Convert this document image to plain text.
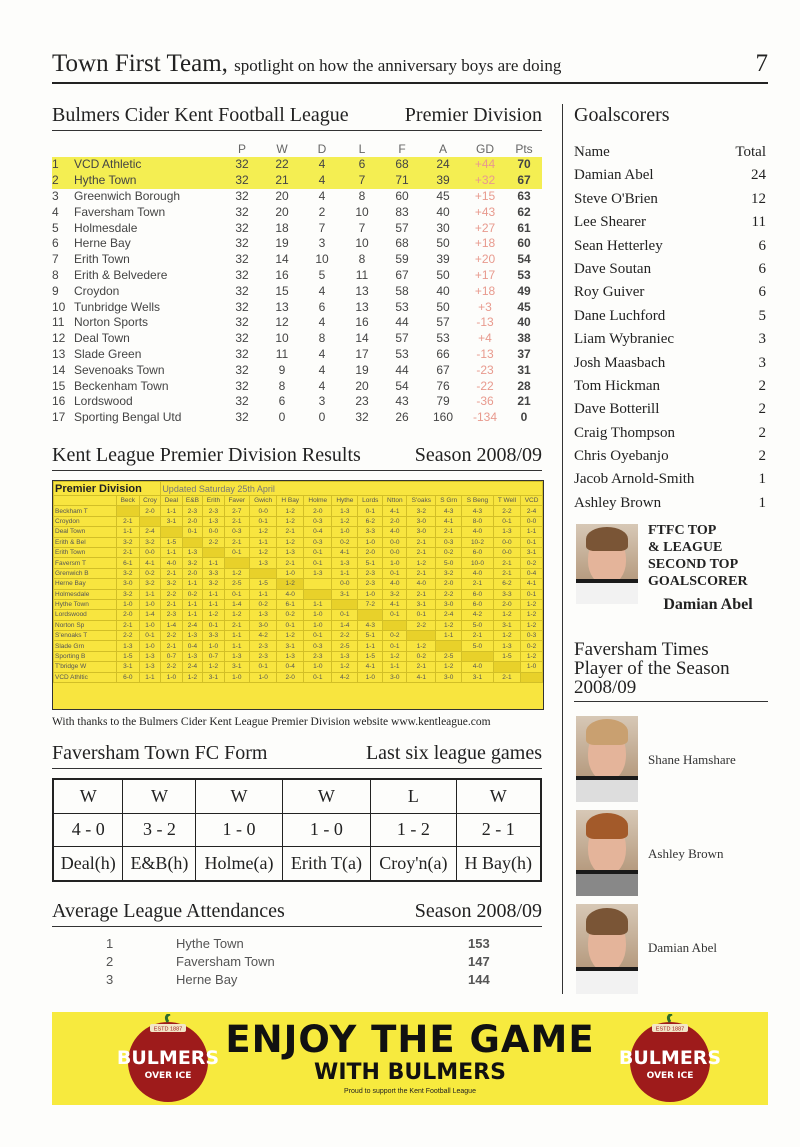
Town First Team, spotlight on how the anniversary boys are doing	7
Bulmers Cider Kent Football League	Premier Division
		P	W	D	L	F	A	GD	Pts
1	VCD Athletic	32	22	4	6	68	24	+44	70
2	Hythe Town	32	21	4	7	71	39	+32	67
3	Greenwich Borough	32	20	4	8	60	45	+15	63
4	Faversham Town	32	20	2	10	83	40	+43	62
5	Holmesdale	32	18	7	7	57	30	+27	61
6	Herne Bay	32	19	3	10	68	50	+18	60
7	Erith Town	32	14	10	8	59	39	+20	54
8	Erith & Belvedere	32	16	5	11	67	50	+17	53
9	Croydon	32	15	4	13	58	40	+18	49
10	Tunbridge Wells	32	13	6	13	53	50	+3	45
11	Norton Sports	32	12	4	16	44	57	-13	40
12	Deal Town	32	10	8	14	57	53	+4	38
13	Slade Green	32	11	4	17	53	66	-13	37
14	Sevenoaks Town	32	9	4	19	44	67	-23	31
15	Beckenham Town	32	8	4	20	54	76	-22	28
16	Lordswood	32	6	3	23	43	79	-36	21
17	Sporting Bengal Utd	32	0	0	32	26	160	-134	0
Kent League Premier Division Results	Season 2008/09
Premier Division			Updated Saturday 25th April														
	Beck	Croy	Deal	E&B	Erith	Faver	Gwich	H Bay	Holme	Hythe	Lords	Ntton	S'oaks	S Grn	S Beng	T Well	VCD
Beckham T		2-0	1-1	2-3	2-3	2-7	0-0	1-2	2-0	1-3	0-1	4-1	3-2	4-3	4-3	2-2	2-4
Croydon	2-1		3-1	2-0	1-3	2-1	0-1	1-2	0-3	1-2	6-2	2-0	3-0	4-1	8-0	0-1	0-0
Deal Town	1-1	2-4		0-1	0-0	0-3	1-2	2-1	0-4	1-0	3-3	4-0	3-0	2-1	4-0	1-3	1-1
Erith & Bel	3-2	3-2	1-5		2-2	2-1	1-1	1-2	0-3	0-2	1-0	0-0	2-1	0-3	10-2	0-0	0-1
Erith Town	2-1	0-0	1-1	1-3		0-1	1-2	1-3	0-1	4-1	2-0	0-0	2-1	0-2	6-0	0-0	3-1
Faversm T	6-1	4-1	4-0	3-2	1-1		1-3	2-1	0-1	1-3	5-1	1-0	1-2	5-0	10-0	2-1	0-2
Grenwich B	3-2	0-2	2-1	2-0	3-3	1-2		1-0	1-3	1-1	2-3	0-1	2-1	3-2	4-0	2-1	0-4
Herne Bay	3-0	3-2	3-2	1-1	3-2	2-5	1-5	1-2		0-0	2-3	4-0	4-0	2-0	2-1	6-2	4-1
Holmesdale	3-2	1-1	2-2	0-2	1-1	0-1	1-1	4-0		3-1	1-0	3-2	2-1	2-2	6-0	3-3	0-1
Hythe Town	1-0	1-0	2-1	1-1	1-1	1-4	0-2	6-1	1-1		7-2	4-1	3-1	3-0	6-0	2-0	1-2
Lordswood	2-0	1-4	2-3	1-1	1-2	1-2	1-3	0-2	1-0	0-1		0-1	0-1	2-4	4-2	1-2	1-2
Norton Sp	2-1	1-0	1-4	2-4	0-1	2-1	3-0	0-1	1-0	1-4	4-3		2-2	1-2	5-0	3-1	1-2
S'enoaks T	2-2	0-1	2-2	1-3	3-3	1-1	4-2	1-2	0-1	2-2	5-1	0-2		1-1	2-1	1-2	0-3
Slade Grn	1-3	1-0	2-1	0-4	1-0	1-1	2-3	3-1	0-3	2-5	1-1	0-1	1-2		5-0	1-3	0-2
Sporting B	1-5	1-3	0-7	1-3	0-7	1-3	2-3	1-3	2-3	1-3	1-5	1-2	0-2	2-5		1-5	1-2
T'bridge W	3-1	1-3	2-2	2-4	1-2	3-1	0-1	0-4	1-0	1-2	4-1	1-1	2-1	1-2	4-0		1-0
VCD Athltic	6-0	1-1	1-0	1-2	3-1	1-0	1-0	2-0	0-1	4-2	1-0	3-0	4-1	3-0	3-1	2-1	
With thanks to the Bulmers Cider Kent League Premier Division website www.kentleague.com
Faversham Town FC Form	Last six league games
W	W	W	W	L	W
4 - 0	3 - 2	1 - 0	1 - 0	1 - 2	2 - 1
Deal(h)	E&B(h)	Holme(a)	Erith T(a)	Croy'n(a)	H Bay(h)
Average League Attendances	Season 2008/09
1	Hythe Town	153
2	Faversham Town	147
3	Herne Bay	144
Goalscorers
Name	Total
Damian Abel	24
Steve O'Brien	12
Lee Shearer	11
Sean Hetterley	6
Dave Soutan	6
Roy Guiver	6
Dane Luchford	5
Liam Wybraniec	3
Josh Maasbach	3
Tom Hickman	2
Dave Botterill	2
Craig Thompson	2
Chris Oyebanjo	2
Jacob Arnold-Smith	1
Ashley Brown	1
FTFC TOP
& LEAGUE
SECOND TOP
GOALSCORER
Damian Abel
Faversham Times
Player of the Season
2008/09
Shane Hamshare
Ashley Brown
Damian Abel
ESTD 1887
BULMERS
OVER ICE
ENJOY THE GAME
WITH BULMERS
Proud to support the Kent Football League
ESTD 1887
BULMERS
OVER ICE
